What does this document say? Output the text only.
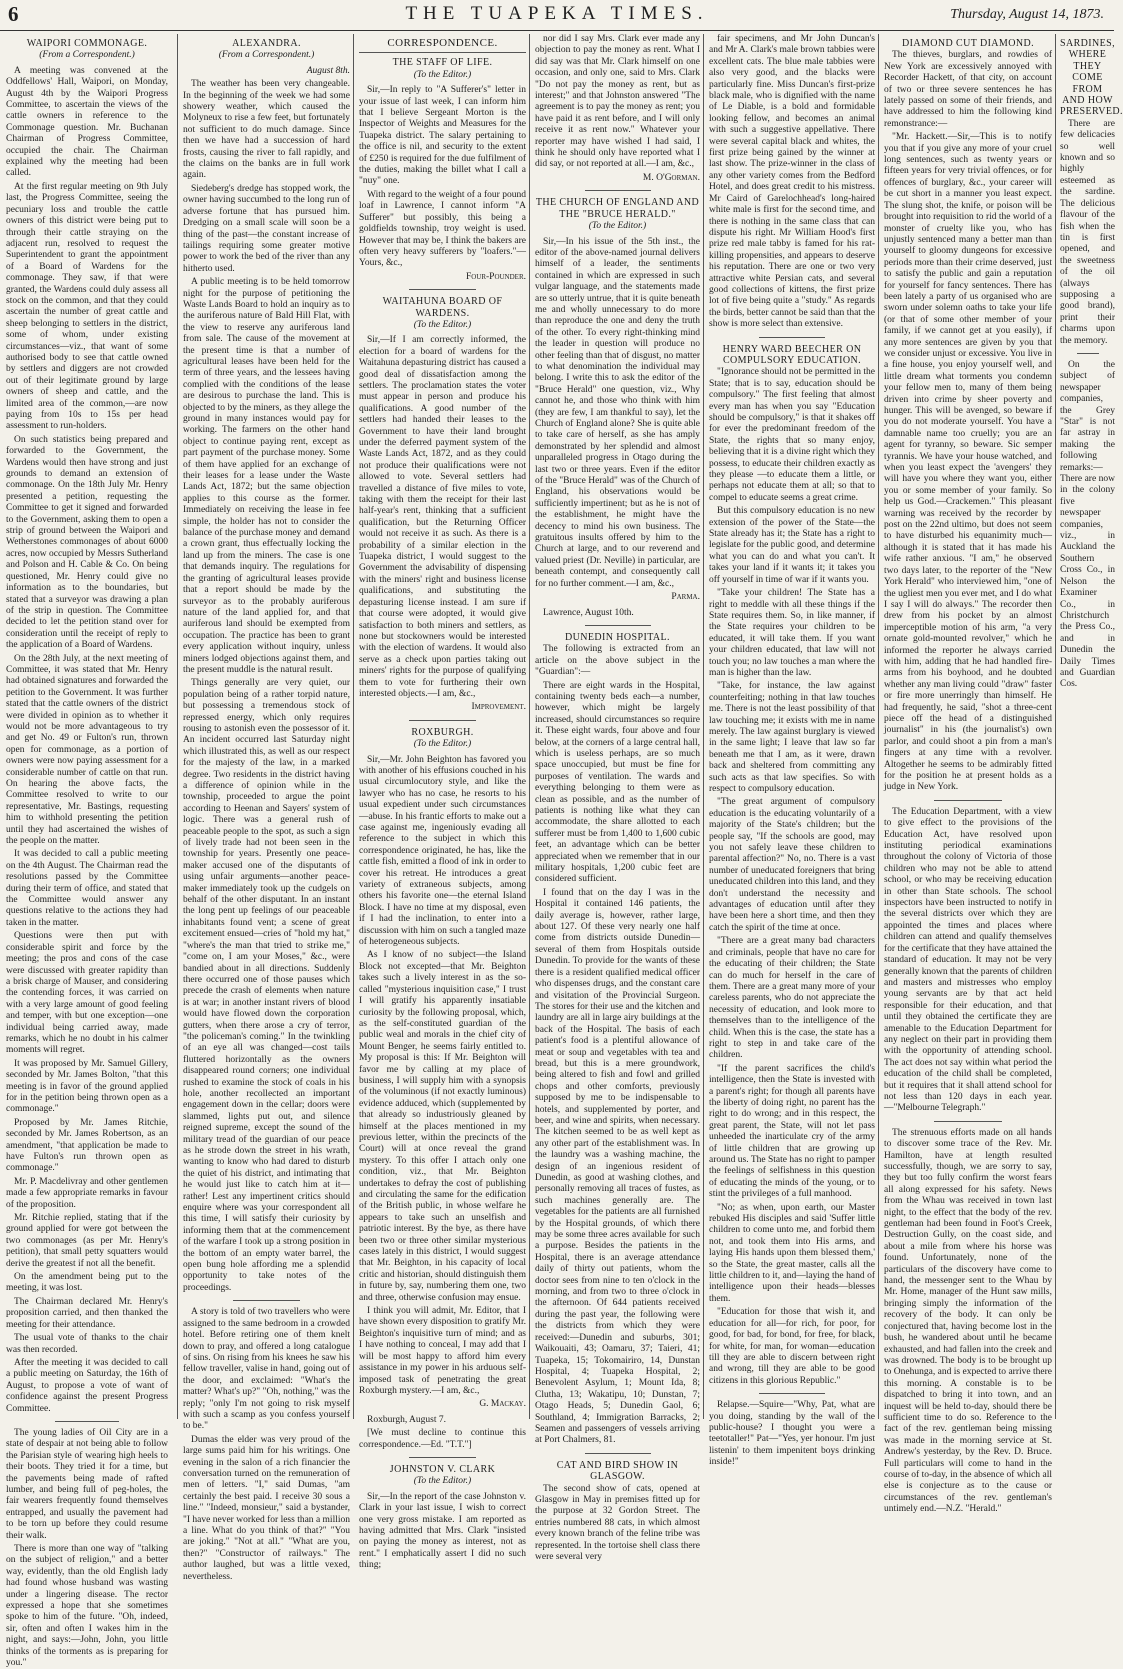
6	THE TUAPEKA TIMES.	Thursday, August 14, 1873.
WAIPORI COMMONAGE.
(From a Correspondent.)

A meeting was convened at the Oddfellows' Hall, Waipori, on Monday, August 4th by the Waipori Progress Committee, to ascertain the views of the cattle owners in reference to the Commonage question. Mr. Buchanan Chairman of Progress Committee, occupied the chair. The Chairman explained why the meeting had been called.

At the first regular meeting on 9th July last, the Progress Committee, seeing the pecuniary loss and trouble the cattle owners of this district were being put to through their cattle straying on the adjacent run, resolved to request the Superintendent to grant the appointment of a Board of Wardens for the commonage. They saw, if that were granted, the Wardens could duly assess all stock on the common, and that they could ascertain the number of great cattle and sheep belonging to settlers in the district, some of whom, under existing circumstances—viz., that want of some authorised body to see that cattle owned by settlers and diggers are not crowded out of their legitimate ground by large owners of sheep and cattle, and the limited area of the common,—are now paying from 10s to 15s per head assessment to run-holders.

On such statistics being prepared and forwarded to the Government, the Wardens would then have strong and just grounds to demand an extension of commonage. On the 18th July Mr. Henry presented a petition, requesting the Committee to get it signed and forwarded to the Government, asking them to open a strip of ground between the Waipori and Wetherstones commonages of about 6000 acres, now occupied by Messrs Sutherland and Polson and H. Cable & Co. On being questioned, Mr. Henry could give no information as to the boundaries, but stated that a surveyor was drawing a plan of the strip in question. The Committee decided to let the petition stand over for consideration until the receipt of reply to the application of a Board of Wardens.

On the 28th July, at the next meeting of Committee, it was stated that Mr. Henry had obtained signatures and forwarded the petition to the Government. It was further stated that the cattle owners of the district were divided in opinion as to whether it would not be more advantageous to try and get No. 49 or Fulton's run, thrown open for commonage, as a portion of owners were now paying assessment for a considerable number of cattle on that run. On hearing the above facts, the Committee resolved to write to our representative, Mr. Bastings, requesting him to withhold presenting the petition until they had ascertained the wishes of the people on the matter.

It was decided to call a public meeting on the 4th August. The Chairman read the resolutions passed by the Committee during their term of office, and stated that the Committee would answer any questions relative to the actions they had taken in the matter.

Questions were then put with considerable spirit and force by the meeting; the pros and cons of the case were discussed with greater rapidity than a brisk charge of Mauser, and considering the contending forces, it was carried on with a very large amount of good feeling and temper, with but one exception—one individual being carried away, made remarks, which he no doubt in his calmer moments will regret.

It was proposed by Mr. Samuel Gillery, seconded by Mr. James Bolton, "that this meeting is in favor of the ground applied for in the petition being thrown open as a commonage."

Proposed by Mr. James Ritchie, seconded by Mr. James Robertson, as an amendment, "that application be made to have Fulton's run thrown open as commonage."

Mr. P. Macdelivray and other gentlemen made a few appropriate remarks in favour of the proposition.

Mr. Ritchie replied, stating that if the ground applied for were got between the two commonages (as per Mr. Henry's petition), that small petty squatters would derive the greatest if not all the benefit.

On the amendment being put to the meeting, it was lost.

The Chairman declared Mr. Henry's proposition carried, and then thanked the meeting for their attendance.

The usual vote of thanks to the chair was then recorded.

After the meeting it was decided to call a public meeting on Saturday, the 16th of August, to propose a vote of want of confidence against the present Progress Committee.

The young ladies of Oil City are in a state of despair at not being able to follow the Parisian style of wearing high heels to their boots. They tried it for a time, but the pavements being made of rafted lumber, and being full of peg-holes, the fair wearers frequently found themselves entrapped, and usually the pavement had to be torn up before they could resume their walk.

There is more than one way of "talking on the subject of religion," and a better way, evidently, than the old English lady had found whose husband was wasting under a lingering disease. The rector expressed a hope that she sometimes spoke to him of the future. "Oh, indeed, sir, often and often I wakes him in the night, and says:—John, John, you little thinks of the torments as is preparing for you."

ALEXANDRA.
(From a Correspondent.)
August 8th.

The weather has been very changeable. In the beginning of the week we had some showery weather, which caused the Molyneux to rise a few feet, but fortunately not sufficient to do much damage. Since then we have had a succession of hard frosts, causing the river to fall rapidly, and the claims on the banks are in full work again.

Siedeberg's dredge has stopped work, the owner having succumbed to the long run of adverse fortune that has pursued him. Dredging on a small scale will soon be a thing of the past—the constant increase of tailings requiring some greater motive power to work the bed of the river than any hitherto used.

A public meeting is to be held tomorrow night for the purpose of petitioning the Waste Lands Board to hold an inquiry as to the auriferous nature of Bald Hill Flat, with the view to reserve any auriferous land from sale. The cause of the movement at the present time is that a number of agricultural leases have been held for the term of three years, and the lessees having complied with the conditions of the lease are desirous to purchase the land. This is objected to by the miners, as they allege the ground in many instances would pay for working. The farmers on the other hand object to continue paying rent, except as part payment of the purchase money. Some of them have applied for an exchange of their leases for a lease under the Waste Lands Act, 1872; but the same objection applies to this course as the former. Immediately on receiving the lease in fee simple, the holder has not to consider the balance of the purchase money and demand a crown grant, thus effectually locking the land up from the miners. The case is one that demands inquiry. The regulations for the granting of agricultural leases provide that a report should be made by the surveyor as to the probably auriferous nature of the land applied for, and that auriferous land should be exempted from occupation. The practice has been to grant every application without inquiry, unless miners lodged objections against them, and the present muddle is the natural result.

Things generally are very quiet, our population being of a rather torpid nature, but possessing a tremendous stock of repressed energy, which only requires rousing to astonish even the possessor of it. An incident occurred last Saturday night which illustrated this, as well as our respect for the majesty of the law, in a marked degree. Two residents in the district having a difference of opinion while in the township, proceeded to argue the point according to Heenan and Sayers' system of logic. There was a general rush of peaceable people to the spot, as such a sign of lively trade had not been seen in the township for years. Presently one peace-maker accused one of the disputants of using unfair arguments—another peace-maker immediately took up the cudgels on behalf of the other disputant. In an instant the long pent up feelings of our peaceable inhabitants found vent; a scene of great excitement ensued—cries of "hold my hat," "where's the man that tried to strike me," "come on, I am your Moses," &c., were bandied about in all directions. Suddenly there occurred one of those pauses which precede the crash of elements when nature is at war; in another instant rivers of blood would have flowed down the corporation gutters, when there arose a cry of terror, "the policeman's coming." In the twinkling of an eye all was changed—cost tails fluttered horizontally as the owners disappeared round corners; one individual rushed to examine the stock of coals in his hole, another recollected an important engagement down in the cellar; doors were slammed, lights put out, and silence reigned supreme, except the sound of the military tread of the guardian of our peace as he strode down the street in his wrath, wanting to know who had dared to disturb the quiet of his district, and intimating that he would just like to catch him at it—rather! Lest any impertinent critics should enquire where was your correspondent all this time, I will satisfy their curiosity by informing them that at the commencement of the warfare I took up a strong position in the bottom of an empty water barrel, the open bung hole affording me a splendid opportunity to take notes of the proceedings.

A story is told of two travellers who were assigned to the same bedroom in a crowded hotel. Before retiring one of them knelt down to pray, and offered a long catalogue of sins. On rising from his knees he saw his fellow traveller, valise in hand, going out of the door, and exclaimed: "What's the matter? What's up?" "Oh, nothing," was the reply; "only I'm not going to risk myself with such a scamp as you confess yourself to be."

Dumas the elder was very proud of the large sums paid him for his writings. One evening in the salon of a rich financier the conversation turned on the remuneration of men of letters. "I," said Dumas, "am certainly the best paid. I receive 30 sous a line." "Indeed, monsieur," said a bystander, "I have never worked for less than a million a line. What do you think of that?" "You are joking." "Not at all." "What are you, then?" "Constructor of railways." The author laughed, but was a little vexed, nevertheless.

CORRESPONDENCE.
THE STAFF OF LIFE.
(To the Editor.)

Sir,—In reply to "A Sufferer's" letter in your issue of last week, I can inform him that I believe Sergeant Morton is the Inspector of Weights and Measures for the Tuapeka district. The salary pertaining to the office is nil, and security to the extent of £250 is required for the due fulfilment of the duties, making the billet what I call a "nuy" one.

With regard to the weight of a four pound loaf in Lawrence, I cannot inform "A Sufferer" but possibly, this being a goldfields township, troy weight is used. However that may be, I think the bakers are often very heavy sufferers by "loafers."—Yours, &c.,

Four-Pounder.
WAITAHUNA BOARD OF WARDENS.
(To the Editor.)

Sir,—If I am correctly informed, the election for a board of wardens for the Waitahuna depasturing district has caused a good deal of dissatisfaction among the settlers. The proclamation states the voter must appear in person and produce his qualifications. A good number of the settlers had handed their leases to the Government to have their land brought under the deferred payment system of the Waste Lands Act, 1872, and as they could not produce their qualifications were not allowed to vote. Several settlers had travelled a distance of five miles to vote, taking with them the receipt for their last half-year's rent, thinking that a sufficient qualification, but the Returning Officer would not receive it as such. As there is a probability of a similar election in the Tuapeka district, I would suggest to the Government the advisability of dispensing with the miners' right and business license qualifications, and substituting the depasturing license instead. I am sure if that course were adopted, it would give satisfaction to both miners and settlers, as none but stockowners would be interested with the election of wardens. It would also serve as a check upon parties taking out miners' rights for the purpose of qualifying them to vote for furthering their own interested objects.—I am, &c.,

Improvement.
ROXBURGH.
(To the Editor.)

Sir,—Mr. John Beighton has favored you with another of his effusions couched in his usual circumlocutory style, and like the lawyer who has no case, he resorts to his usual expedient under such circumstances—abuse. In his frantic efforts to make out a case against me, ingeniously evading all reference to the subject in which this correspondence originated, he has, like the cattle fish, emitted a flood of ink in order to cover his retreat. He introduces a great variety of extraneous subjects, among others his favorite one—the eternal Island Block. I have no time at my disposal, even if I had the inclination, to enter into a discussion with him on such a tangled maze of heterogeneous subjects.

As I know of no subject—the Island Block not excepted—that Mr. Beighton takes such a lively interest in as the so-called "mysterious inquisition case," I trust I will gratify his apparently insatiable curiosity by the following proposal, which, as the self-constituted guardian of the public weal and morals in the chief city of Mount Benger, he seems fairly entitled to. My proposal is this: If Mr. Beighton will favor me by calling at my place of business, I will supply him with a synopsis of the voluminous (if not exactly luminous) evidence adduced, which (supplemented by that already so industriously gleaned by himself at the places mentioned in my previous letter, within the precincts of the Court) will at once reveal the grand mystery. To this offer I attach only one condition, viz., that Mr. Beighton undertakes to defray the cost of publishing and circulating the same for the edification of the British public, in whose welfare he appears to take such an unselfish and patriotic interest. By the bye, as there have been two or three other similar mysterious cases lately in this district, I would suggest that Mr. Beighton, in his capacity of local critic and historian, should distinguish them in future by, say, numbering them one, two and three, otherwise confusion may ensue.

I think you will admit, Mr. Editor, that I have shown every disposition to gratify Mr. Beighton's inquisitive turn of mind; and as I have nothing to conceal, I may add that I will be most happy to afford him every assistance in my power in his arduous self-imposed task of penetrating the great Roxburgh mystery.—I am, &c.,

G. Mackay.

Roxburgh, August 7.

[We must decline to continue this correspondence.—Ed. "T.T."]

JOHNSTON V. CLARK
(To the Editor.)

Sir,—In the report of the case Johnston v. Clark in your last issue, I wish to correct one very gross mistake. I am reported as having admitted that Mrs. Clark "insisted on paying the money as interest, not as rent." I emphatically assert I did no such thing;

nor did I say Mrs. Clark ever made any objection to pay the money as rent. What I did say was that Mr. Clark himself on one occasion, and only one, said to Mrs. Clark "Do not pay the money as rent, but as interest;" and that Johnston answered "The agreement is to pay the money as rent; you have paid it as rent before, and I will only receive it as rent now." Whatever your reporter may have wished I had said, I think he should only have reported what I did say, or not reported at all.—I am, &c.,

M. O'Gorman.
THE CHURCH OF ENGLAND AND THE "BRUCE HERALD."
(To the Editor.)

Sir,—In his issue of the 5th inst., the editor of the above-named journal delivers himself of a leader, the sentiments contained in which are expressed in such vulgar language, and the statements made are so utterly untrue, that it is quite beneath me and wholly unnecessary to do more than reproduce the one and deny the truth of the other. To every right-thinking mind the leader in question will produce no other feeling than that of disgust, no matter to what denomination the individual may belong. I write this to ask the editor of the "Bruce Herald" one question, viz., Why cannot he, and those who think with him (they are few, I am thankful to say), let the Church of England alone? She is quite able to take care of herself, as she has amply demonstrated by her splendid and almost unparalleled progress in Otago during the last two or three years. Even if the editor of the "Bruce Herald" was of the Church of England, his observations would be sufficiently impertinent; but as he is not of the establishment, he might have the decency to mind his own business. The gratuitous insults offered by him to the Church at large, and to our reverend and valued priest (Dr. Neville) in particular, are beneath contempt, and consequently call for no further comment.—I am, &c.,

Parma.

Lawrence, August 10th.

DUNEDIN HOSPITAL.

The following is extracted from an article on the above subject in the "Guardian":—

There are eight wards in the Hospital, containing twenty beds each—a number, however, which might be largely increased, should circumstances so require it. These eight wards, four above and four below, at the corners of a large central hall, which is useless perhaps, are so much space unoccupied, but must be fine for purposes of ventilation. The wards and everything belonging to them were as clean as possible, and as the number of patients is nothing like what they can accommodate, the share allotted to each sufferer must be from 1,400 to 1,600 cubic feet, an advantage which can be better appreciated when we remember that in our military hospitals, 1,200 cubic feet are considered sufficient.

I found that on the day I was in the Hospital it contained 146 patients, the daily average is, however, rather large, about 127. Of these very nearly one half come from districts outside Dunedin—several of them from Hospitals outside Dunedin. To provide for the wants of these there is a resident qualified medical officer who dispenses drugs, and the constant care and visitation of the Provincial Surgeon. The stores for their use and the kitchen and laundry are all in large airy buildings at the back of the Hospital. The basis of each patient's food is a plentiful allowance of meat or soup and vegetables with tea and bread, but this is a mere groundwork, being altered to fish and fowl and grilled chops and other comforts, previously supposed by me to be indispensable to hotels, and supplemented by porter, and beer, and wine and spirits, when necessary. The kitchen seemed to be as well kept as any other part of the establishment was. In the laundry was a washing machine, the design of an ingenious resident of Dunedin, as good at washing clothes, and personally removing all traces of fustes, as such machines generally are. The vegetables for the patients are all furnished by the Hospital grounds, of which there may be some three acres available for such a purpose. Besides the patients in the Hospital, there is an average attendance daily of thirty out patients, whom the doctor sees from nine to ten o'clock in the morning, and from two to three o'clock in the afternoon. Of 644 patients received during the past year, the following were the districts from which they were received:—Dunedin and suburbs, 301; Waikouaiti, 43; Oamaru, 37; Taieri, 41; Tuapeka, 15; Tokomairiro, 14, Dunstan Hospital, 4; Tuapeka Hospital, 2; Benevolent Asylum, 1; Mount Ida, 8; Clutha, 13; Wakatipu, 10; Dunstan, 7; Otago Heads, 5; Dunedin Gaol, 6; Southland, 4; Immigration Barracks, 2; Seamen and passengers of vessels arriving at Port Chalmers, 81.

CAT AND BIRD SHOW IN GLASGOW.

The second show of cats, opened at Glasgow in May in premises fitted up for the purpose at 32 Gordon Street. The entries numbered 88 cats, in which almost every known branch of the feline tribe was represented. In the tortoise shell class there were several very

fair specimens, and Mr John Duncan's and Mr A. Clark's male brown tabbies were excellent cats. The blue male tabbies were also very good, and the blacks were particularly fine. Miss Duncan's first-prize black male, who is dignified with the name of Le Diable, is a bold and formidable looking fellow, and becomes an animal with such a suggestive appellative. There were several capital black and whites, the first prize being gained by the winner at last show. The prize-winner in the class of any other variety comes from the Bedford Hotel, and does great credit to his mistress. Mr Caird of Garelochhead's long-haired white male is first for the second time, and there is nothing in the same class that can dispute his right. Mr William Hood's first prize red male tabby is famed for his rat-killing propensities, and appears to deserve his reputation. There are one or two very attractive white Persian cats, and several good collections of kittens, the first prize lot of five being quite a "study." As regards the birds, better cannot be said than that the show is more select than extensive.

HENRY WARD BEECHER ON COMPULSORY EDUCATION.

"Ignorance should not be permitted in the State; that is to say, education should be compulsory." The first feeling that almost every man has when you say "Education should be compulsory," is that it shakes off for ever the predominant freedom of the State, the rights that so many enjoy, believing that it is a divine right which they possess, to educate their children exactly as they please —to educate them a little, or perhaps not educate them at all; so that to compel to educate seems a great crime.

But this compulsory education is no new extension of the power of the State—the State already has it; the State has a right to legislate for the public good, and determine what you can do and what you can't. It takes your land if it wants it; it takes you off yourself in time of war if it wants you.

"Take your children! The State has a right to meddle with all these things if the State requires them. So, in like manner, if the State requires your children to be educated, it will take them. If you want your children educated, that law will not touch you; no law touches a man where the man is higher than the law.

"Take, for instance, the law against counterfeiting; nothing in that law touches me. There is not the least possibility of that law touching me; it exists with me in name merely. The law against burglary is viewed in the same light; I leave that law so far beneath me that I am, as it were, drawn back and sheltered from committing any such acts as that law specifies. So with respect to compulsory education.

"The great argument of compulsory education is the educating voluntarily of a majority of the State's children; but the people say, "If the schools are good, may you not safely leave these children to parental affection?" No, no. There is a vast number of uneducated foreigners that bring uneducated children into this land, and they don't understand the necessity and advantages of education until after they have been here a short time, and then they catch the spirit of the time at once.

"There are a great many bad characters and criminals, people that have no care for the educating of their children; the State can do much for herself in the care of them. There are a great many more of your careless parents, who do not appreciate the necessity of education, and look more to themselves than to the intelligence of the child. When this is the case, the state has a right to step in and take care of the children.

"If the parent sacrifices the child's intelligence, then the State is invested with a parent's right; for though all parents have the liberty of doing right, no parent has the right to do wrong; and in this respect, the great parent, the State, will not let pass unheeded the inarticulate cry of the army of little children that are growing up around us. The State has no right to pamper the feelings of selfishness in this question of educating the minds of the young, or to stint the privileges of a full manhood.

"No; as when, upon earth, our Master rebuked His disciples and said 'Suffer little children to come unto me, and forbid them not, and took them into His arms, and laying His hands upon them blessed them,' so the State, the great master, calls all the little children to it, and—laying the hand of intelligence upon their heads—blesses them.

"Education for those that wish it, and education for all—for rich, for poor, for good, for bad, for bond, for free, for black, for white, for man, for woman—education till they are able to discern between right and wrong, till they are able to be good citizens in this glorious Republic."

Relapse.—Squire—"Why, Pat, what are you doing, standing by the wall of the public-house? I thought you were a teetotaller!" Pat—"Yes, yer honour. I'm just listenin' to them impenitent boys drinking inside!"

DIAMOND CUT DIAMOND.

The thieves, burglars, and rowdies of New York are excessively annoyed with Recorder Hackett, of that city, on account of two or three severe sentences he has lately passed on some of their friends, and have addressed to him the following kind remonstrance:—

"Mr. Hackett.—Sir,—This is to notify you that if you give any more of your cruel long sentences, such as twenty years or fifteen years for very trivial offences, or for offences of burglary, &c., your career will be cut short in a manner you least expect. The slung shot, the knife, or poison will be brought into requisition to rid the world of a monster of cruelty like you, who has unjustly sentenced many a better man than yourself to gloomy dungeons for excessive periods more than their crime deserved, just to satisfy the public and gain a reputation for yourself for fancy sentences. There has been lately a party of us organised who are sworn under solemn oaths to take your life (or that of some other member of your family, if we cannot get at you easily), if any more sentences are given by you that we consider unjust or excessive. You live in a fine house, you enjoy yourself well, and little dream what torments you condemn your fellow men to, many of them being driven into crime by sheer poverty and hunger. This will be avenged, so beware if you do not moderate yourself. You have a damnable name too cruelly; you are an agent for tyranny, so beware. Sic semper tyrannis. We have your house watched, and when you least expect the 'avengers' they will have you where they want you, either you or some member of your family. So help us God.—Crackemen." This pleasant warning was received by the recorder by post on the 22nd ultimo, but does not seem to have disturbed his equanimity much—although it is stated that it has made his wife rather anxious. "I am," he observed two days later, to the reporter of the "New York Herald" who interviewed him, "one of the ugliest men you ever met, and I do what I say I will do always." The recorder then drew from his pocket by an almost imperceptible motion of his arm, "a very ornate gold-mounted revolver," which he informed the reporter he always carried with him, adding that he had handled fire-arms from his boyhood, and he doubted whether any man living could "draw" faster or fire more unerringly than himself. He had frequently, he said, "shot a three-cent piece off the head of a distinguished journalist" in his (the journalist's) own parlor, and could shoot a pin from a man's fingers at any time with a revolver. Altogether he seems to be admirably fitted for the position he at present holds as a judge in New York.

The Education Department, with a view to give effect to the provisions of the Education Act, have resolved upon instituting periodical examinations throughout the colony of Victoria of those children who may not be able to attend school, or who may be receiving education in other than State schools. The school inspectors have been instructed to notify in the several districts over which they are appointed the times and places where children can attend and qualify themselves for the certificate that they have attained the standard of education. It may not be very generally known that the parents of children and masters and mistresses who employ young servants are by that act held responsible for their education, and that until they obtained the certificate they are amenable to the Education Department for any neglect on their part in providing them with the opportunity of attending school. The act does not say within what period the education of the child shall be completed, but it requires that it shall attend school for not less than 120 days in each year.—"Melbourne Telegraph."

The strenuous efforts made on all hands to discover some trace of the Rev. Mr. Hamilton, have at length resulted successfully, though, we are sorry to say, they but too fully confirm the worst fears all along expressed for his safety. News from the Whau was received in town last night, to the effect that the body of the rev. gentleman had been found in Foot's Creek, Destruction Gully, on the coast side, and about a mile from where his horse was found. Unfortunately, none of the particulars of the discovery have come to hand, the messenger sent to the Whau by Mr. Home, manager of the Hunt saw mills, bringing simply the information of the recovery of the body. It can only be conjectured that, having become lost in the bush, he wandered about until he became exhausted, and had fallen into the creek and was drowned. The body is to be brought up to Onehunga, and is expected to arrive there this morning. A constable is to be dispatched to bring it into town, and an inquest will be held to-day, should there be sufficient time to do so. Reference to the fact of the rev. gentleman being missing was made in the morning service at St. Andrew's yesterday, by the Rev. D. Bruce. Full particulars will come to hand in the course of to-day, in the absence of which all else is conjecture as to the cause or circumstances of the rev. gentleman's untimely end.—N.Z. "Herald."

SARDINES, WHERE THEY COME FROM AND HOW PRESERVED.

There are few delicacies so well known and so highly esteemed as the sardine. The delicious flavour of the fish when the tin is first opened, and the sweetness of the oil (always supposing a good brand), print their charms upon the memory.

On the subject of newspaper companies, the Grey "Star" is not far astray in making the following remarks:—There are now in the colony five newspaper companies, viz., in Auckland the Southern Cross Co., in Nelson the Examiner Co., in Christchurch the Press Co., and in Dunedin the Daily Times and Guardian Cos.
